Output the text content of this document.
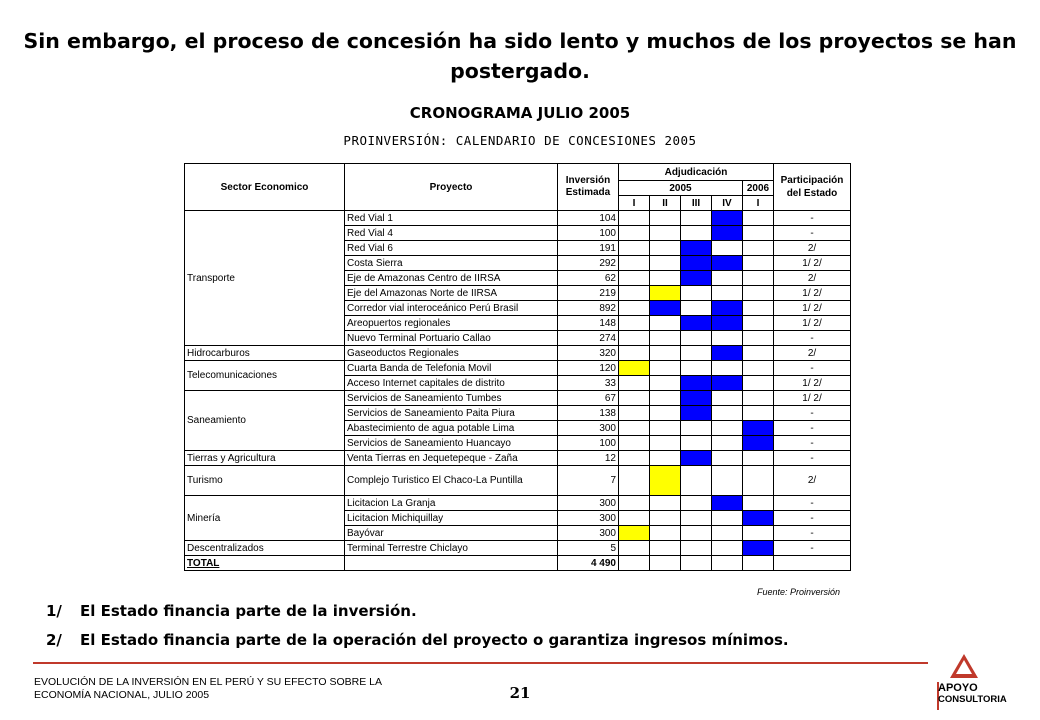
Sin embargo, el proceso de concesión ha sido lento y muchos de los proyectos se han postergado.
CRONOGRAMA JULIO 2005
PROINVERSIÓN: CALENDARIO DE CONCESIONES 2005
Sector Economico	Proyecto	Inversión Estimada	Adjudicación					Participación del Estado
			2005				2006	
			I	II	III	IV	I	
Transporte	Red Vial 1	104						-
	Red Vial 4	100						-
	Red Vial 6	191						2/
	Costa Sierra	292						1/ 2/
	Eje de Amazonas Centro de IIRSA	62						2/
	Eje del Amazonas Norte de IIRSA	219						1/ 2/
	Corredor vial interoceánico Perú Brasil	892						1/ 2/
	Areopuertos regionales	148						1/ 2/
	Nuevo Terminal Portuario Callao	274						-
Hidrocarburos	Gaseoductos Regionales	320						2/
Telecomunicaciones	Cuarta Banda de Telefonia Movil	120						-
	Acceso Internet capitales de distrito	33						1/ 2/
Saneamiento	Servicios de Saneamiento Tumbes	67						1/ 2/
	Servicios de Saneamiento Paita Piura	138						-
	Abastecimiento de agua potable Lima	300						-
	Servicios de Saneamiento Huancayo	100						-
Tierras y Agricultura	Venta Tierras en Jequetepeque - Zaña	12						-
Turismo	Complejo Turistico El Chaco-La Puntilla	7						2/
Minería	Licitacion La Granja	300						-
	Licitacion Michiquillay	300						-
	Bayóvar	300						-
Descentralizados	Terminal Terrestre Chiclayo	5						-
TOTAL		4 490						
Fuente: Proinversión
1/ El Estado financia parte de la inversión.
2/ El Estado financia parte de la operación del proyecto o garantiza ingresos mínimos.
EVOLUCIÓN DE LA INVERSIÓN EN EL PERÚ Y SU EFECTO SOBRE LA
ECONOMÍA NACIONAL, JULIO 2005	21	APOYO
CONSULTORIA
